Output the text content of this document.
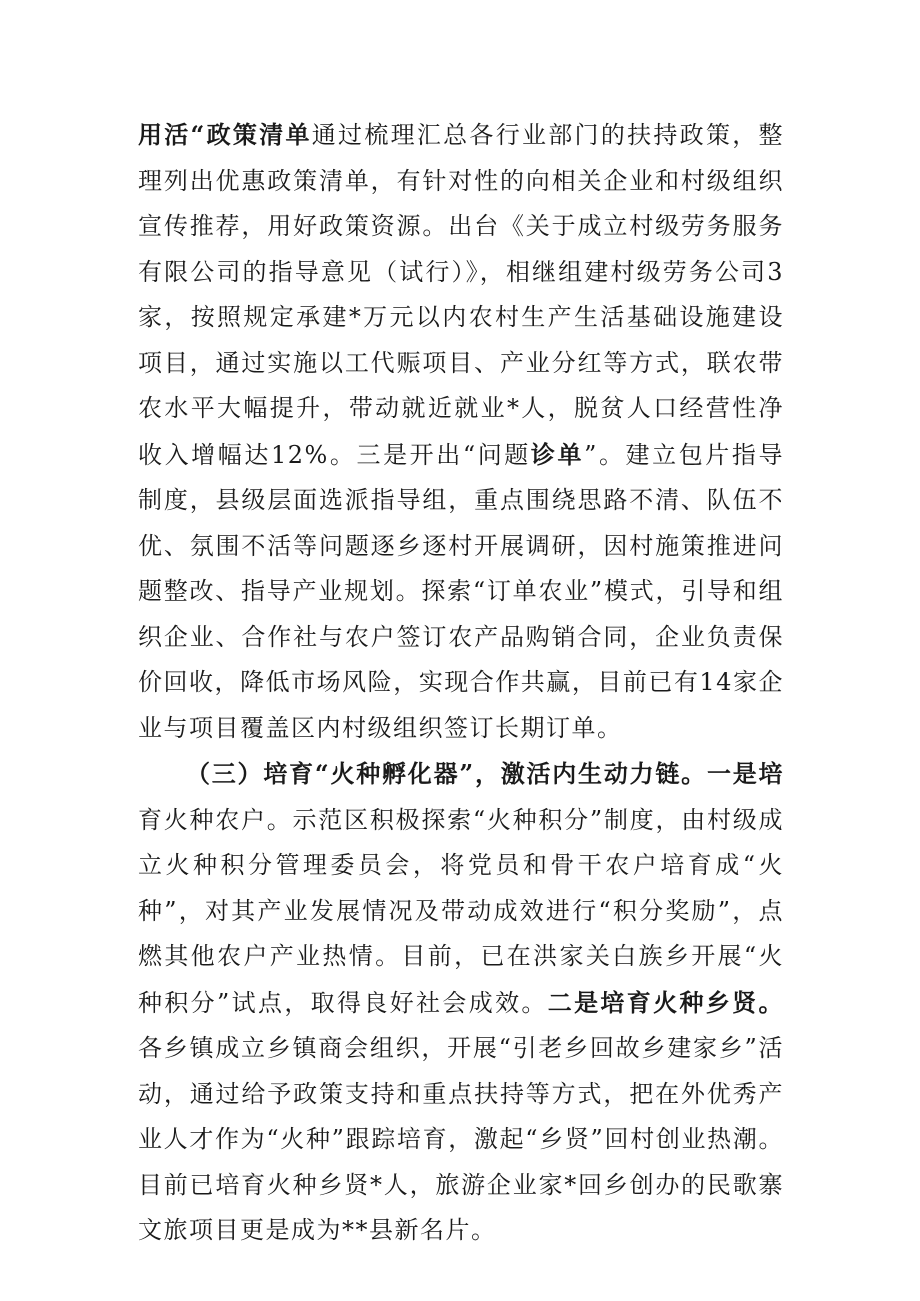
用活“政策清单通过梳理汇总各行业部门的扶持政策，整理列出优惠政策清单，有针对性的向相关企业和村级组织宣传推荐，用好政策资源。出台《关于成立村级劳务服务有限公司的指导意见（试行）》，相继组建村级劳务公司3家，按照规定承建*万元以内农村生产生活基础设施建设项目，通过实施以工代赈项目、产业分红等方式，联农带农水平大幅提升，带动就近就业*人，脱贫人口经营性净收入增幅达12%。三是开出“问题诊单”。建立包片指导制度，县级层面选派指导组，重点围绕思路不清、队伍不优、氛围不活等问题逐乡逐村开展调研，因村施策推进问题整改、指导产业规划。探索“订单农业”模式，引导和组织企业、合作社与农户签订农产品购销合同，企业负责保价回收，降低市场风险，实现合作共赢，目前已有14家企业与项目覆盖区内村级组织签订长期订单。

（三）培育“火种孵化器”，激活内生动力链。一是培育火种农户。示范区积极探索“火种积分”制度，由村级成立火种积分管理委员会，将党员和骨干农户培育成“火种”，对其产业发展情况及带动成效进行“积分奖励”，点燃其他农户产业热情。目前，已在洪家关白族乡开展“火种积分”试点，取得良好社会成效。二是培育火种乡贤。各乡镇成立乡镇商会组织，开展“引老乡回故乡建家乡”活动，通过给予政策支持和重点扶持等方式，把在外优秀产业人才作为“火种”跟踪培育，激起“乡贤”回村创业热潮。目前已培育火种乡贤*人，旅游企业家*回乡创办的民歌寨文旅项目更是成为**县新名片。
